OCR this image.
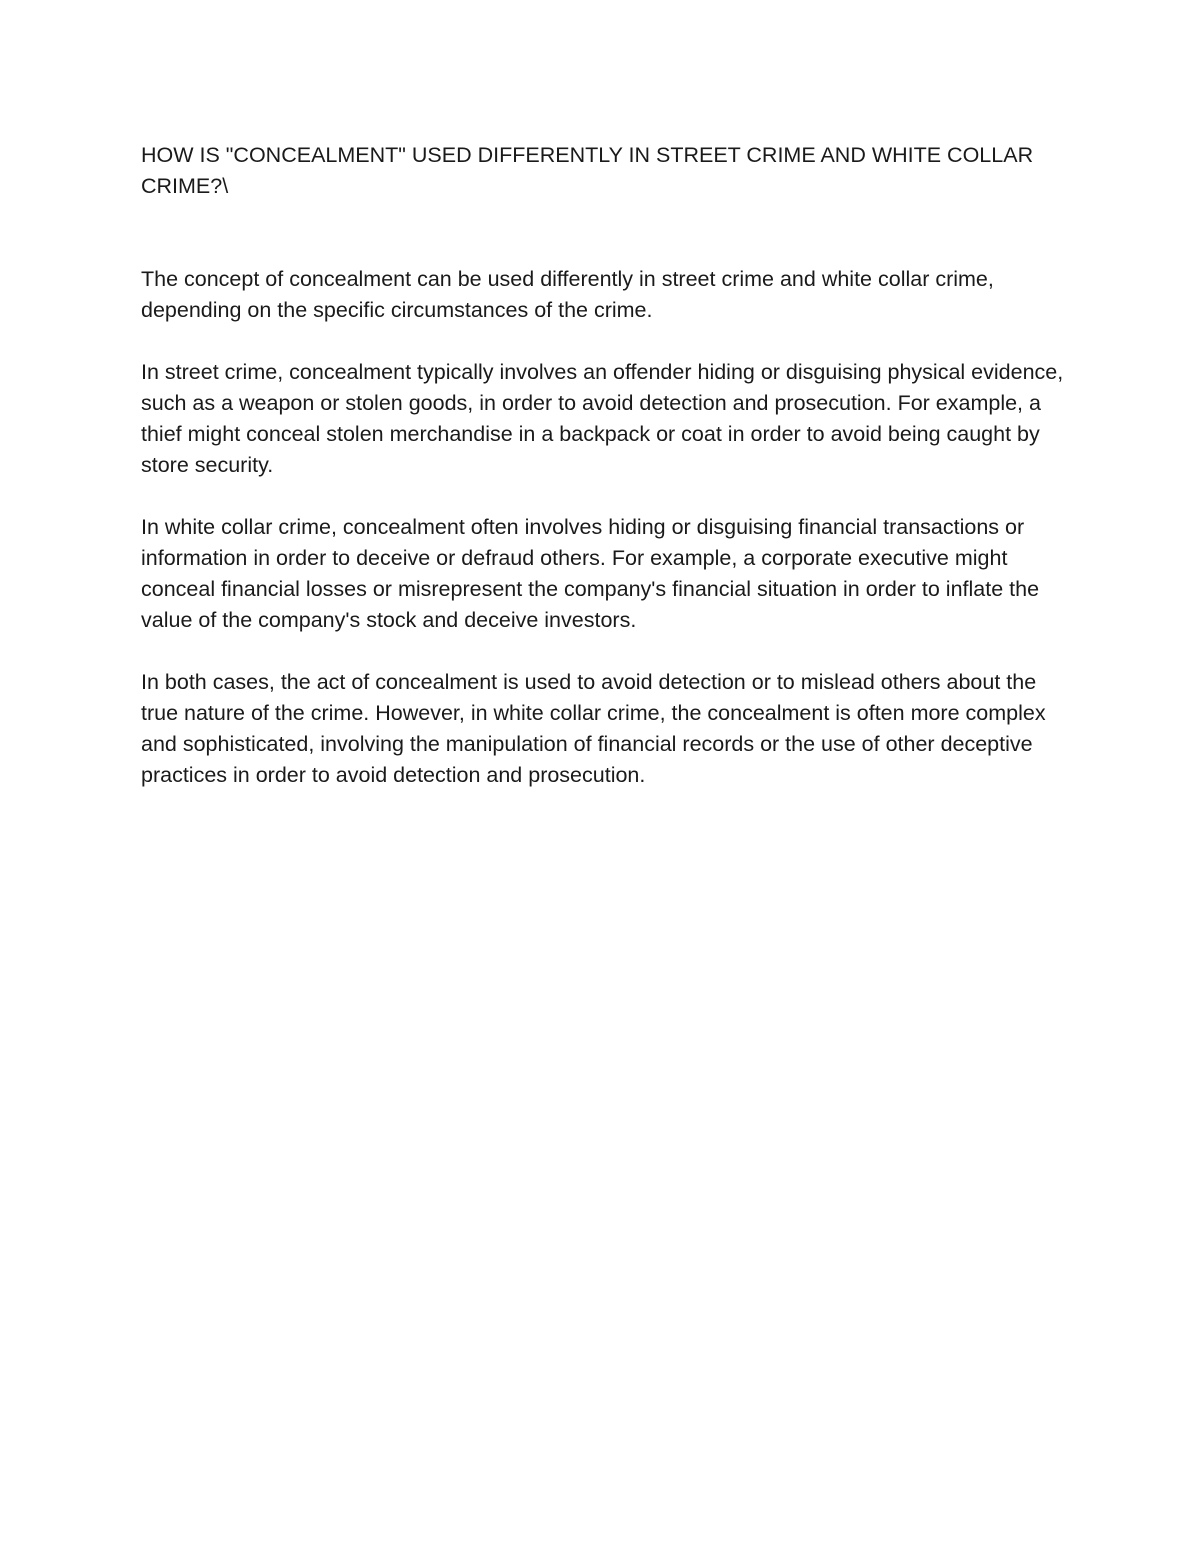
HOW IS "CONCEALMENT" USED DIFFERENTLY IN STREET CRIME AND WHITE COLLAR CRIME?\

The concept of concealment can be used differently in street crime and white collar crime, depending on the specific circumstances of the crime.

In street crime, concealment typically involves an offender hiding or disguising physical evidence, such as a weapon or stolen goods, in order to avoid detection and prosecution. For example, a thief might conceal stolen merchandise in a backpack or coat in order to avoid being caught by store security.

In white collar crime, concealment often involves hiding or disguising financial transactions or information in order to deceive or defraud others. For example, a corporate executive might conceal financial losses or misrepresent the company's financial situation in order to inflate the value of the company's stock and deceive investors.

In both cases, the act of concealment is used to avoid detection or to mislead others about the true nature of the crime. However, in white collar crime, the concealment is often more complex and sophisticated, involving the manipulation of financial records or the use of other deceptive practices in order to avoid detection and prosecution.
